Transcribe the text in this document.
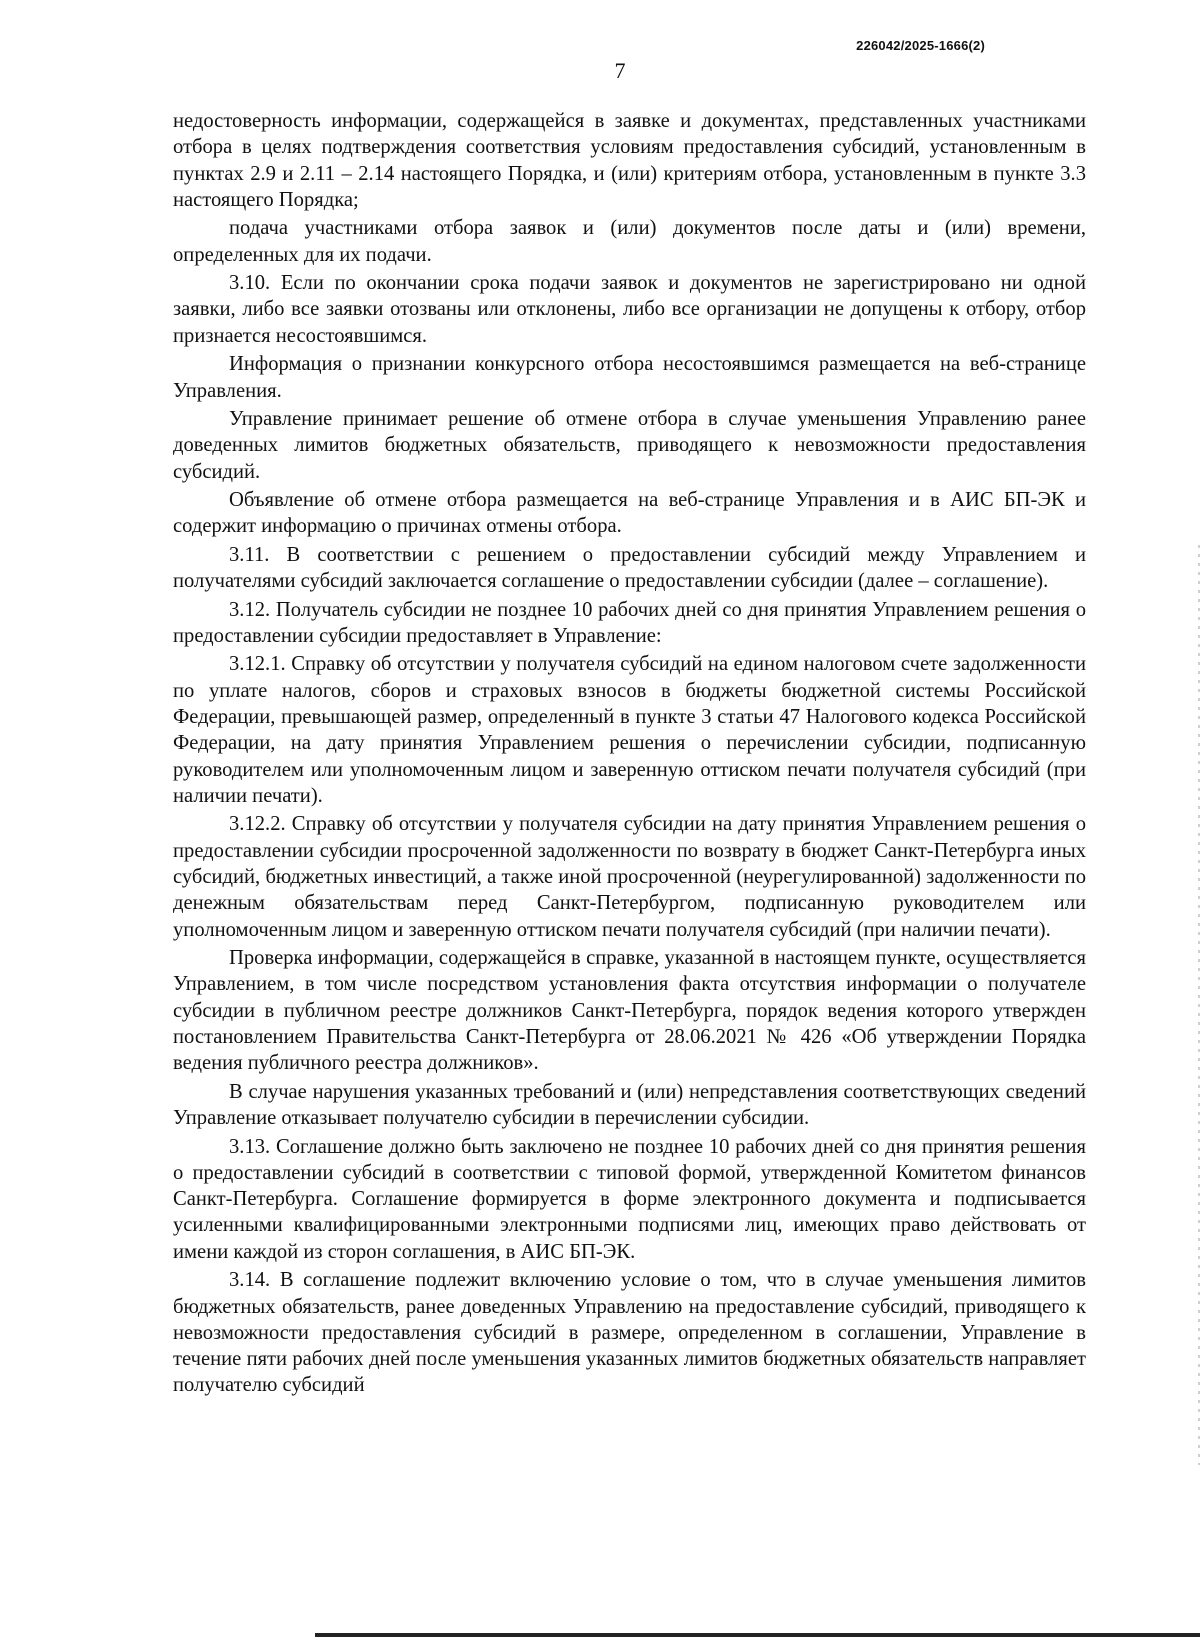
226042/2025-1666(2)
7

недостоверность информации, содержащейся в заявке и документах, представленных участниками отбора в целях подтверждения соответствия условиям предоставления субсидий, установленным в пунктах 2.9 и 2.11 – 2.14 настоящего Порядка, и (или) критериям отбора, установленным в пункте 3.3 настоящего Порядка;

подача участниками отбора заявок и (или) документов после даты и (или) времени, определенных для их подачи.

3.10. Если по окончании срока подачи заявок и документов не зарегистрировано ни одной заявки, либо все заявки отозваны или отклонены, либо все организации не допущены к отбору, отбор признается несостоявшимся.

Информация о признании конкурсного отбора несостоявшимся размещается на веб-странице Управления.

Управление принимает решение об отмене отбора в случае уменьшения Управлению ранее доведенных лимитов бюджетных обязательств, приводящего к невозможности предоставления субсидий.

Объявление об отмене отбора размещается на веб-странице Управления и в АИС БП-ЭК и содержит информацию о причинах отмены отбора.

3.11. В соответствии с решением о предоставлении субсидий между Управлением и получателями субсидий заключается соглашение о предоставлении субсидии (далее – соглашение).

3.12. Получатель субсидии не позднее 10 рабочих дней со дня принятия Управлением решения о предоставлении субсидии предоставляет в Управление:

3.12.1. Справку об отсутствии у получателя субсидий на едином налоговом счете задолженности по уплате налогов, сборов и страховых взносов в бюджеты бюджетной системы Российской Федерации, превышающей размер, определенный в пункте 3 статьи 47 Налогового кодекса Российской Федерации, на дату принятия Управлением решения о перечислении субсидии, подписанную руководителем или уполномоченным лицом и заверенную оттиском печати получателя субсидий (при наличии печати).

3.12.2. Справку об отсутствии у получателя субсидии на дату принятия Управлением решения о предоставлении субсидии просроченной задолженности по возврату в бюджет Санкт-Петербурга иных субсидий, бюджетных инвестиций, а также иной просроченной (неурегулированной) задолженности по денежным обязательствам перед Санкт-Петербургом, подписанную руководителем или уполномоченным лицом и заверенную оттиском печати получателя субсидий (при наличии печати).

Проверка информации, содержащейся в справке, указанной в настоящем пункте, осуществляется Управлением, в том числе посредством установления факта отсутствия информации о получателе субсидии в публичном реестре должников Санкт-Петербурга, порядок ведения которого утвержден постановлением Правительства Санкт-Петербурга от 28.06.2021 № 426 «Об утверждении Порядка ведения публичного реестра должников».

В случае нарушения указанных требований и (или) непредставления соответствующих сведений Управление отказывает получателю субсидии в перечислении субсидии.

3.13. Соглашение должно быть заключено не позднее 10 рабочих дней со дня принятия решения о предоставлении субсидий в соответствии с типовой формой, утвержденной Комитетом финансов Санкт-Петербурга. Соглашение формируется в форме электронного документа и подписывается усиленными квалифицированными электронными подписями лиц, имеющих право действовать от имени каждой из сторон соглашения, в АИС БП-ЭК.

3.14. В соглашение подлежит включению условие о том, что в случае уменьшения лимитов бюджетных обязательств, ранее доведенных Управлению на предоставление субсидий, приводящего к невозможности предоставления субсидий в размере, определенном в соглашении, Управление в течение пяти рабочих дней после уменьшения указанных лимитов бюджетных обязательств направляет получателю субсидий
